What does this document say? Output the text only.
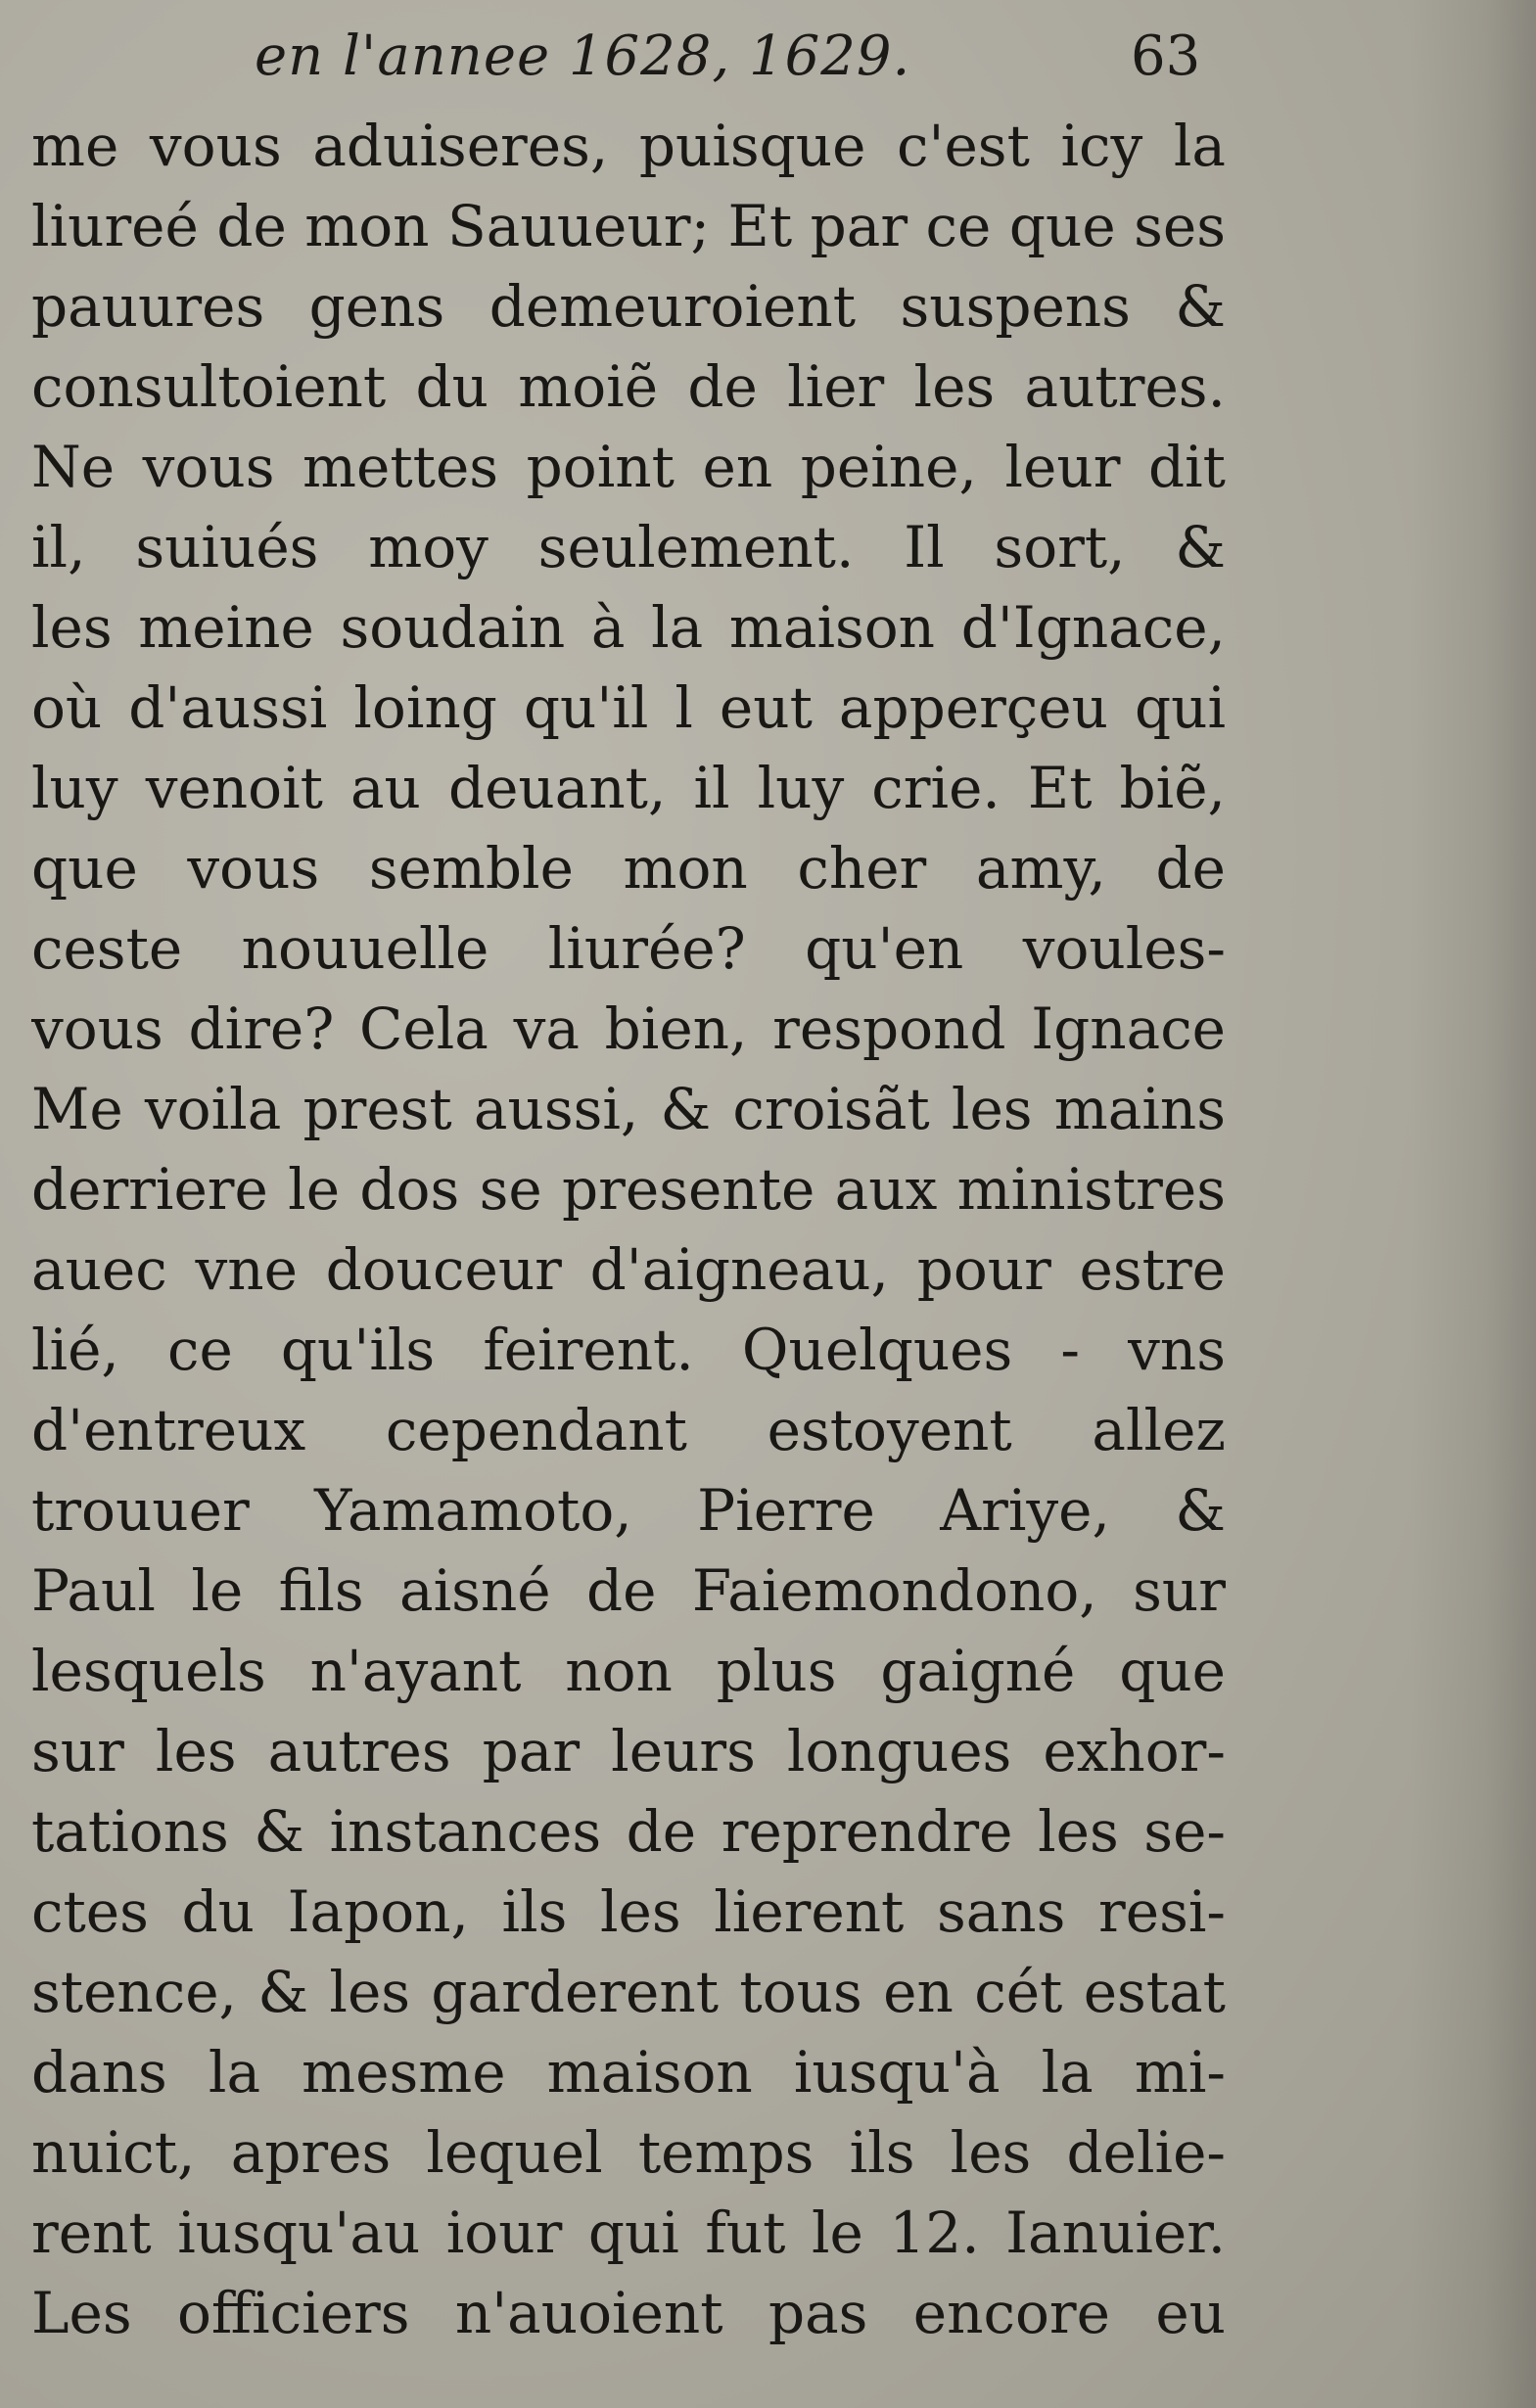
en l'annee 1628, 1629.	63
me vous aduiseres, puisque c'est icy la
liureé de mon Sauueur; Et par ce que ses
pauures gens demeuroient suspens &
consultoient du moiẽ de lier les autres.
Ne vous mettes point en peine, leur dit
il, suiués moy seulement. Il sort, &
les meine soudain à la maison d'Ignace,
où d'aussi loing qu'il l eut apperçeu qui
luy venoit au deuant, il luy crie. Et biẽ,
que vous semble mon cher amy, de
ceste nouuelle liurée? qu'en voules-
vous dire? Cela va bien, respond Ignace
Me voila prest aussi, & croisãt les mains
derriere le dos se presente aux ministres
auec vne douceur d'aigneau, pour estre
lié, ce qu'ils feirent. Quelques - vns
d'entreux cependant estoyent allez
trouuer Yamamoto, Pierre Ariye, &
Paul le fils aisné de Faiemondono, sur
lesquels n'ayant non plus gaigné que
sur les autres par leurs longues exhor-
tations & instances de reprendre les se-
ctes du Iapon, ils les lierent sans resi-
stence, & les garderent tous en cét estat
dans la mesme maison iusqu'à la mi-
nuict, apres lequel temps ils les delie-
rent iusqu'au iour qui fut le 12. Ianuier.
Les officiers n'auoient pas encore eu
